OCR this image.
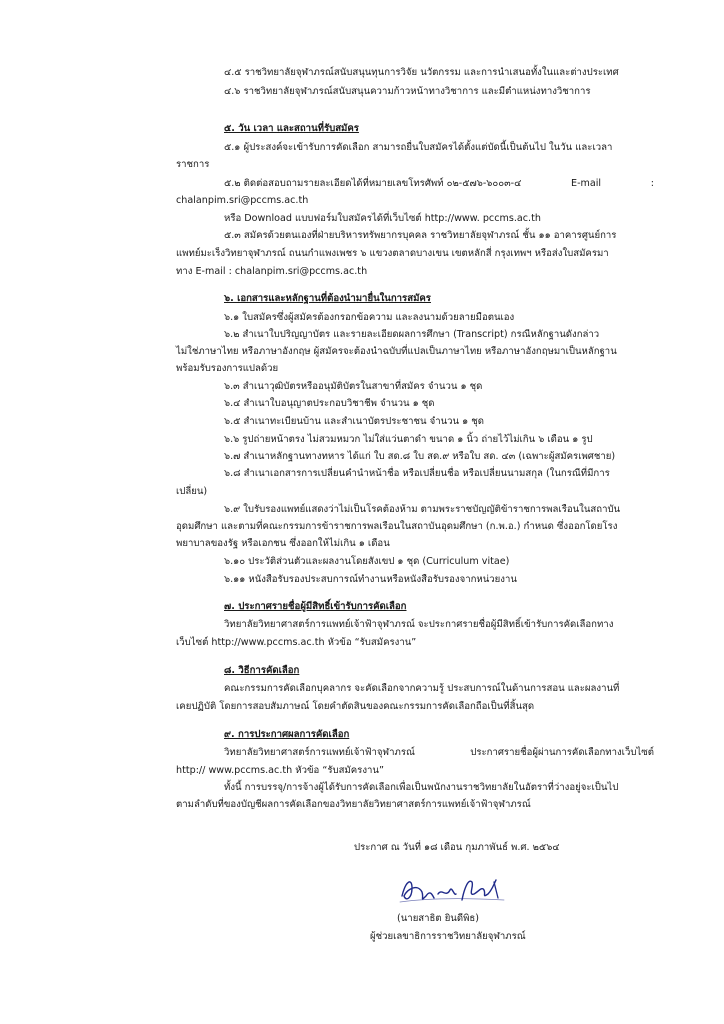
๔.๕ ราชวิทยาลัยจุฬาภรณ์สนับสนุนทุนการวิจัย นวัตกรรม และการนำเสนอทั้งในและต่างประเทศ
๔.๖ ราชวิทยาลัยจุฬาภรณ์สนับสนุนความก้าวหน้าทางวิชาการ และมีตำแหน่งทางวิชาการ
๕. วัน เวลา และสถานที่รับสมัคร
๕.๑ ผู้ประสงค์จะเข้ารับการคัดเลือก สามารถยื่นใบสมัครได้ตั้งแต่บัดนี้เป็นต้นไป ในวัน และเวลา
ราชการ
๕.๒ ติดต่อสอบถามรายละเอียดได้ที่หมายเลขโทรศัพท์ ๐๒-๕๗๖-๖๐๐๓-๔	E-mail	:
chalanpim.sri@pccms.ac.th
หรือ Download แบบฟอร์มใบสมัครได้ที่เว็บไซต์ http://www. pccms.ac.th
๕.๓ สมัครด้วยตนเองที่ฝ่ายบริหารทรัพยากรบุคคล ราชวิทยาลัยจุฬาภรณ์ ชั้น ๑๑ อาคารศูนย์การ
แพทย์มะเร็งวิทยาจุฬาภรณ์ ถนนกำแพงเพชร ๖ แขวงตลาดบางเขน เขตหลักสี่ กรุงเทพฯ หรือส่งใบสมัครมา
ทาง E-mail : chalanpim.sri@pccms.ac.th
๖. เอกสารและหลักฐานที่ต้องนำมายื่นในการสมัคร
๖.๑ ใบสมัครซึ่งผู้สมัครต้องกรอกข้อความ และลงนามด้วยลายมือตนเอง
๖.๒ สำเนาใบปริญญาบัตร และรายละเอียดผลการศึกษา (Transcript) กรณีหลักฐานดังกล่าว
ไม่ใช่ภาษาไทย หรือภาษาอังกฤษ ผู้สมัครจะต้องนำฉบับที่แปลเป็นภาษาไทย หรือภาษาอังกฤษมาเป็นหลักฐาน
พร้อมรับรองการแปลด้วย
๖.๓ สำเนาวุฒิบัตรหรืออนุมัติบัตรในสาขาที่สมัคร จำนวน ๑ ชุด
๖.๔ สำเนาใบอนุญาตประกอบวิชาชีพ จำนวน ๑ ชุด
๖.๕ สำเนาทะเบียนบ้าน และสำเนาบัตรประชาชน จำนวน ๑ ชุด
๖.๖ รูปถ่ายหน้าตรง ไม่สวมหมวก ไม่ใส่แว่นตาดำ ขนาด ๑ นิ้ว ถ่ายไว้ไม่เกิน ๖ เดือน ๑ รูป
๖.๗ สำเนาหลักฐานทางทหาร ได้แก่ ใบ สด.๘ ใบ สด.๙ หรือใบ สด. ๔๓ (เฉพาะผู้สมัครเพศชาย)
๖.๘ สำเนาเอกสารการเปลี่ยนคำนำหน้าชื่อ หรือเปลี่ยนชื่อ หรือเปลี่ยนนามสกุล (ในกรณีที่มีการ
เปลี่ยน)
๖.๙ ใบรับรองแพทย์แสดงว่าไม่เป็นโรคต้องห้าม ตามพระราชบัญญัติข้าราชการพลเรือนในสถาบัน
อุดมศึกษา และตามที่คณะกรรมการข้าราชการพลเรือนในสถาบันอุดมศึกษา (ก.พ.อ.) กำหนด ซึ่งออกโดยโรง
พยาบาลของรัฐ หรือเอกชน ซึ่งออกให้ไม่เกิน ๑ เดือน
๖.๑๐ ประวัติส่วนตัวและผลงานโดยสังเขป ๑ ชุด (Curriculum vitae)
๖.๑๑ หนังสือรับรองประสบการณ์ทำงานหรือหนังสือรับรองจากหน่วยงาน
๗. ประกาศรายชื่อผู้มีสิทธิ์เข้ารับการคัดเลือก
วิทยาลัยวิทยาศาสตร์การแพทย์เจ้าฟ้าจุฬาภรณ์ จะประกาศรายชื่อผู้มีสิทธิ์เข้ารับการคัดเลือกทาง
เว็บไซต์ http://www.pccms.ac.th หัวข้อ “รับสมัครงาน”
๘. วิธีการคัดเลือก
คณะกรรมการคัดเลือกบุคลากร จะคัดเลือกจากความรู้ ประสบการณ์ในด้านการสอน และผลงานที่
เคยปฏิบัติ โดยการสอบสัมภาษณ์ โดยคำตัดสินของคณะกรรมการคัดเลือกถือเป็นที่สิ้นสุด
๙. การประกาศผลการคัดเลือก
วิทยาลัยวิทยาศาสตร์การแพทย์เจ้าฟ้าจุฬาภรณ์	ประกาศรายชื่อผู้ผ่านการคัดเลือกทางเว็บไซต์
http:// www.pccms.ac.th หัวข้อ “รับสมัครงาน”
ทั้งนี้ การบรรจุ/การจ้างผู้ได้รับการคัดเลือกเพื่อเป็นพนักงานราชวิทยาลัยในอัตราที่ว่างอยู่จะเป็นไป
ตามลำดับที่ของบัญชีผลการคัดเลือกของวิทยาลัยวิทยาศาสตร์การแพทย์เจ้าฟ้าจุฬาภรณ์
ประกาศ ณ วันที่ ๑๘ เดือน กุมภาพันธ์ พ.ศ. ๒๕๖๔
(นายสาธิต ยินดีพิธ)
ผู้ช่วยเลขาธิการราชวิทยาลัยจุฬาภรณ์
